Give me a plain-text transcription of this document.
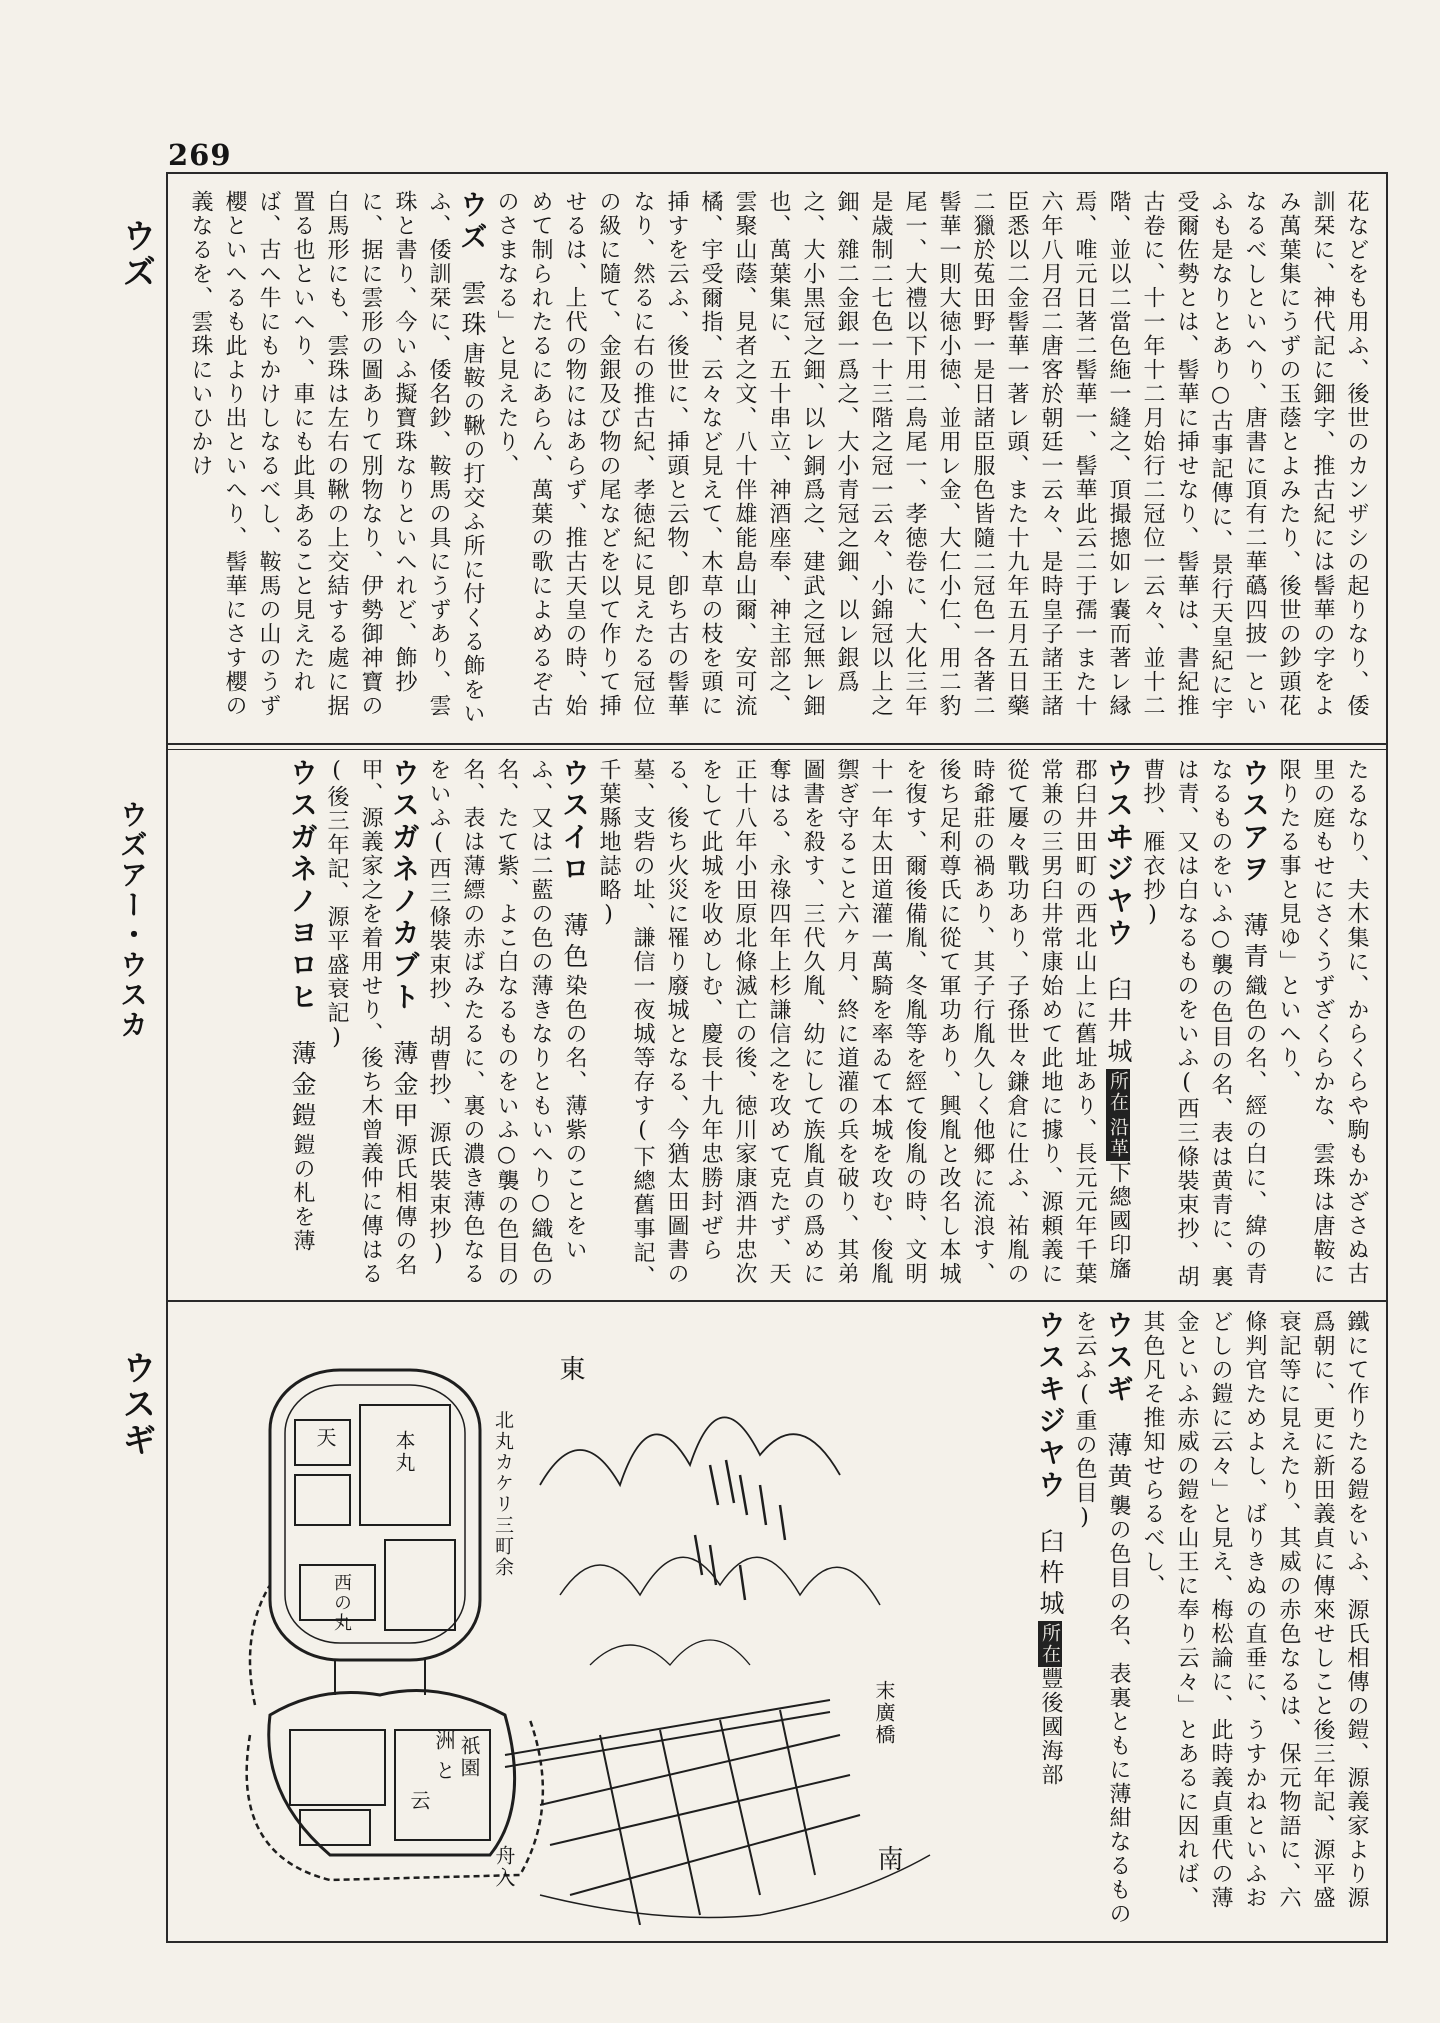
269
ウズ
ウズアー・ウスカ
ウスギ

花などをも用ふ、後世のカンザシの起りなり、倭訓栞に、神代記に鈿字、推古紀には髻華の字をよみ萬葉集にうずの玉蔭とよみたり、後世の鈔頭花なるべしといへり、唐書に頂有二華蘤四披一といふも是なりとあり○古事記傳に、景行天皇紀に宇受爾佐勢とは、髻華に挿せなり、髻華は、書紀推古卷に、十一年十二月始行二冠位一云々、並十二階、並以二當色絁一縫之、頂撮摠如レ嚢而著レ縁焉、唯元日著二髻華一、髻華此云二于孺一また十六年八月召二唐客於朝廷一云々、是時皇子諸王諸臣悉以二金髻華一著レ頭、また十九年五月五日藥二獵於菟田野一是日諸臣服色皆隨二冠色一各著二髻華一則大徳小徳、並用レ金、大仁小仁、用二豹尾一、大禮以下用二鳥尾一、孝徳卷に、大化三年是歳制二七色一十三階之冠一云々、小錦冠以上之鈿、雜二金銀一爲之、大小青冠之鈿、以レ銀爲之、大小黒冠之鈿、以レ銅爲之、建武之冠無レ鈿也、萬葉集に、五十串立、神酒座奉、神主部之、雲聚山蔭、見者之文、八十伴雄能島山爾、安可流橘、宇受爾指、云々など見えて、木草の枝を頭に挿すを云ふ、後世に、挿頭と云物、卽ち古の髻華なり、然るに右の推古紀、孝徳紀に見えたる冠位の級に隨て、金銀及び物の尾などを以て作りて挿せるは、上代の物にはあらず、推古天皇の時、始めて制られたるにあらん、萬葉の歌によめるぞ古のさまなる」と見えたり、

ウズ雲珠唐鞍の鞦の打交ふ所に付くる飾をいふ、倭訓栞に、倭名鈔、鞍馬の具にうずあり、雲珠と書り、今いふ擬寶珠なりといへれど、飾抄に、据に雲形の圖ありて別物なり、伊勢御神寶の白馬形にも、雲珠は左右の鞦の上交結する處に据置る也といへり、車にも此具あること見えたれば、古へ牛にもかけしなるべし、鞍馬の山のうず櫻といへるも此より出といへり、髻華にさす櫻の義なるを、雲珠にいひかけ

たるなり、夫木集に、からくらや駒もかざさぬ古里の庭もせにさくうずざくらかな、雲珠は唐鞍に限りたる事と見ゆ」といへり、

ウスアヲ薄青織色の名、經の白に、緯の青なるものをいふ○襲の色目の名、表は黄青に、裏は青、又は白なるものをいふ(西三條裝束抄、胡曹抄、雁衣抄)

ウスヰジヤウ臼井城所在沿革下總國印旛郡臼井田町の西北山上に舊址あり、長元元年千葉常兼の三男臼井常康始めて此地に據り、源頼義に從て屢々戰功あり、子孫世々鎌倉に仕ふ、祐胤の時爺莊の禍あり、其子行胤久しく他郷に流浪す、後ち足利尊氏に從て軍功あり、興胤と改名し本城を復す、爾後備胤、冬胤等を經て俊胤の時、文明十一年太田道灌一萬騎を率ゐて本城を攻む、俊胤禦ぎ守ること六ヶ月、終に道灌の兵を破り、其弟圖書を殺す、三代久胤、幼にして族胤貞の爲めに奪はる、永祿四年上杉謙信之を攻めて克たず、天正十八年小田原北條滅亡の後、徳川家康酒井忠次をして此城を收めしむ、慶長十九年忠勝封ぜらる、後ち火災に罹り廢城となる、今猶太田圖書の墓、支砦の址、謙信一夜城等存す(下總舊事記、千葉縣地誌略)

ウスイロ薄色染色の名、薄紫のことをいふ、又は二藍の色の薄きなりともいへり○織色の名、たて紫、よこ白なるものをいふ○襲の色目の名、表は薄縹の赤ばみたるに、裏の濃き薄色なるをいふ(西三條裝束抄、胡曹抄、源氏裝束抄)

ウスガネノカブト薄金甲源氏相傳の名甲、源義家之を着用せり、後ち木曾義仲に傳はる(後三年記、源平盛衰記)

ウスガネノヨロヒ薄金鎧鎧の札を薄

鐵にて作りたる鎧をいふ、源氏相傳の鎧、源義家より源爲朝に、更に新田義貞に傳來せしこと後三年記、源平盛衰記等に見えたり、其威の赤色なるは、保元物語に、六條判官ためよし、ばりきぬの直垂に、うすかねといふおどしの鎧に云々」と見え、梅松論に、此時義貞重代の薄金といふ赤威の鎧を山王に奉り云々」とあるに因れば、其色凡そ推知せらるべし、

ウスギ薄黄襲の色目の名、表裏ともに薄紺なるものを云ふ(重の色目)

ウスキジヤウ臼杵城所在豐後國海部

東
北丸カケリ三町余
天	本丸
西の丸
祇園
洲
と
云
末廣橋
舟入	南
